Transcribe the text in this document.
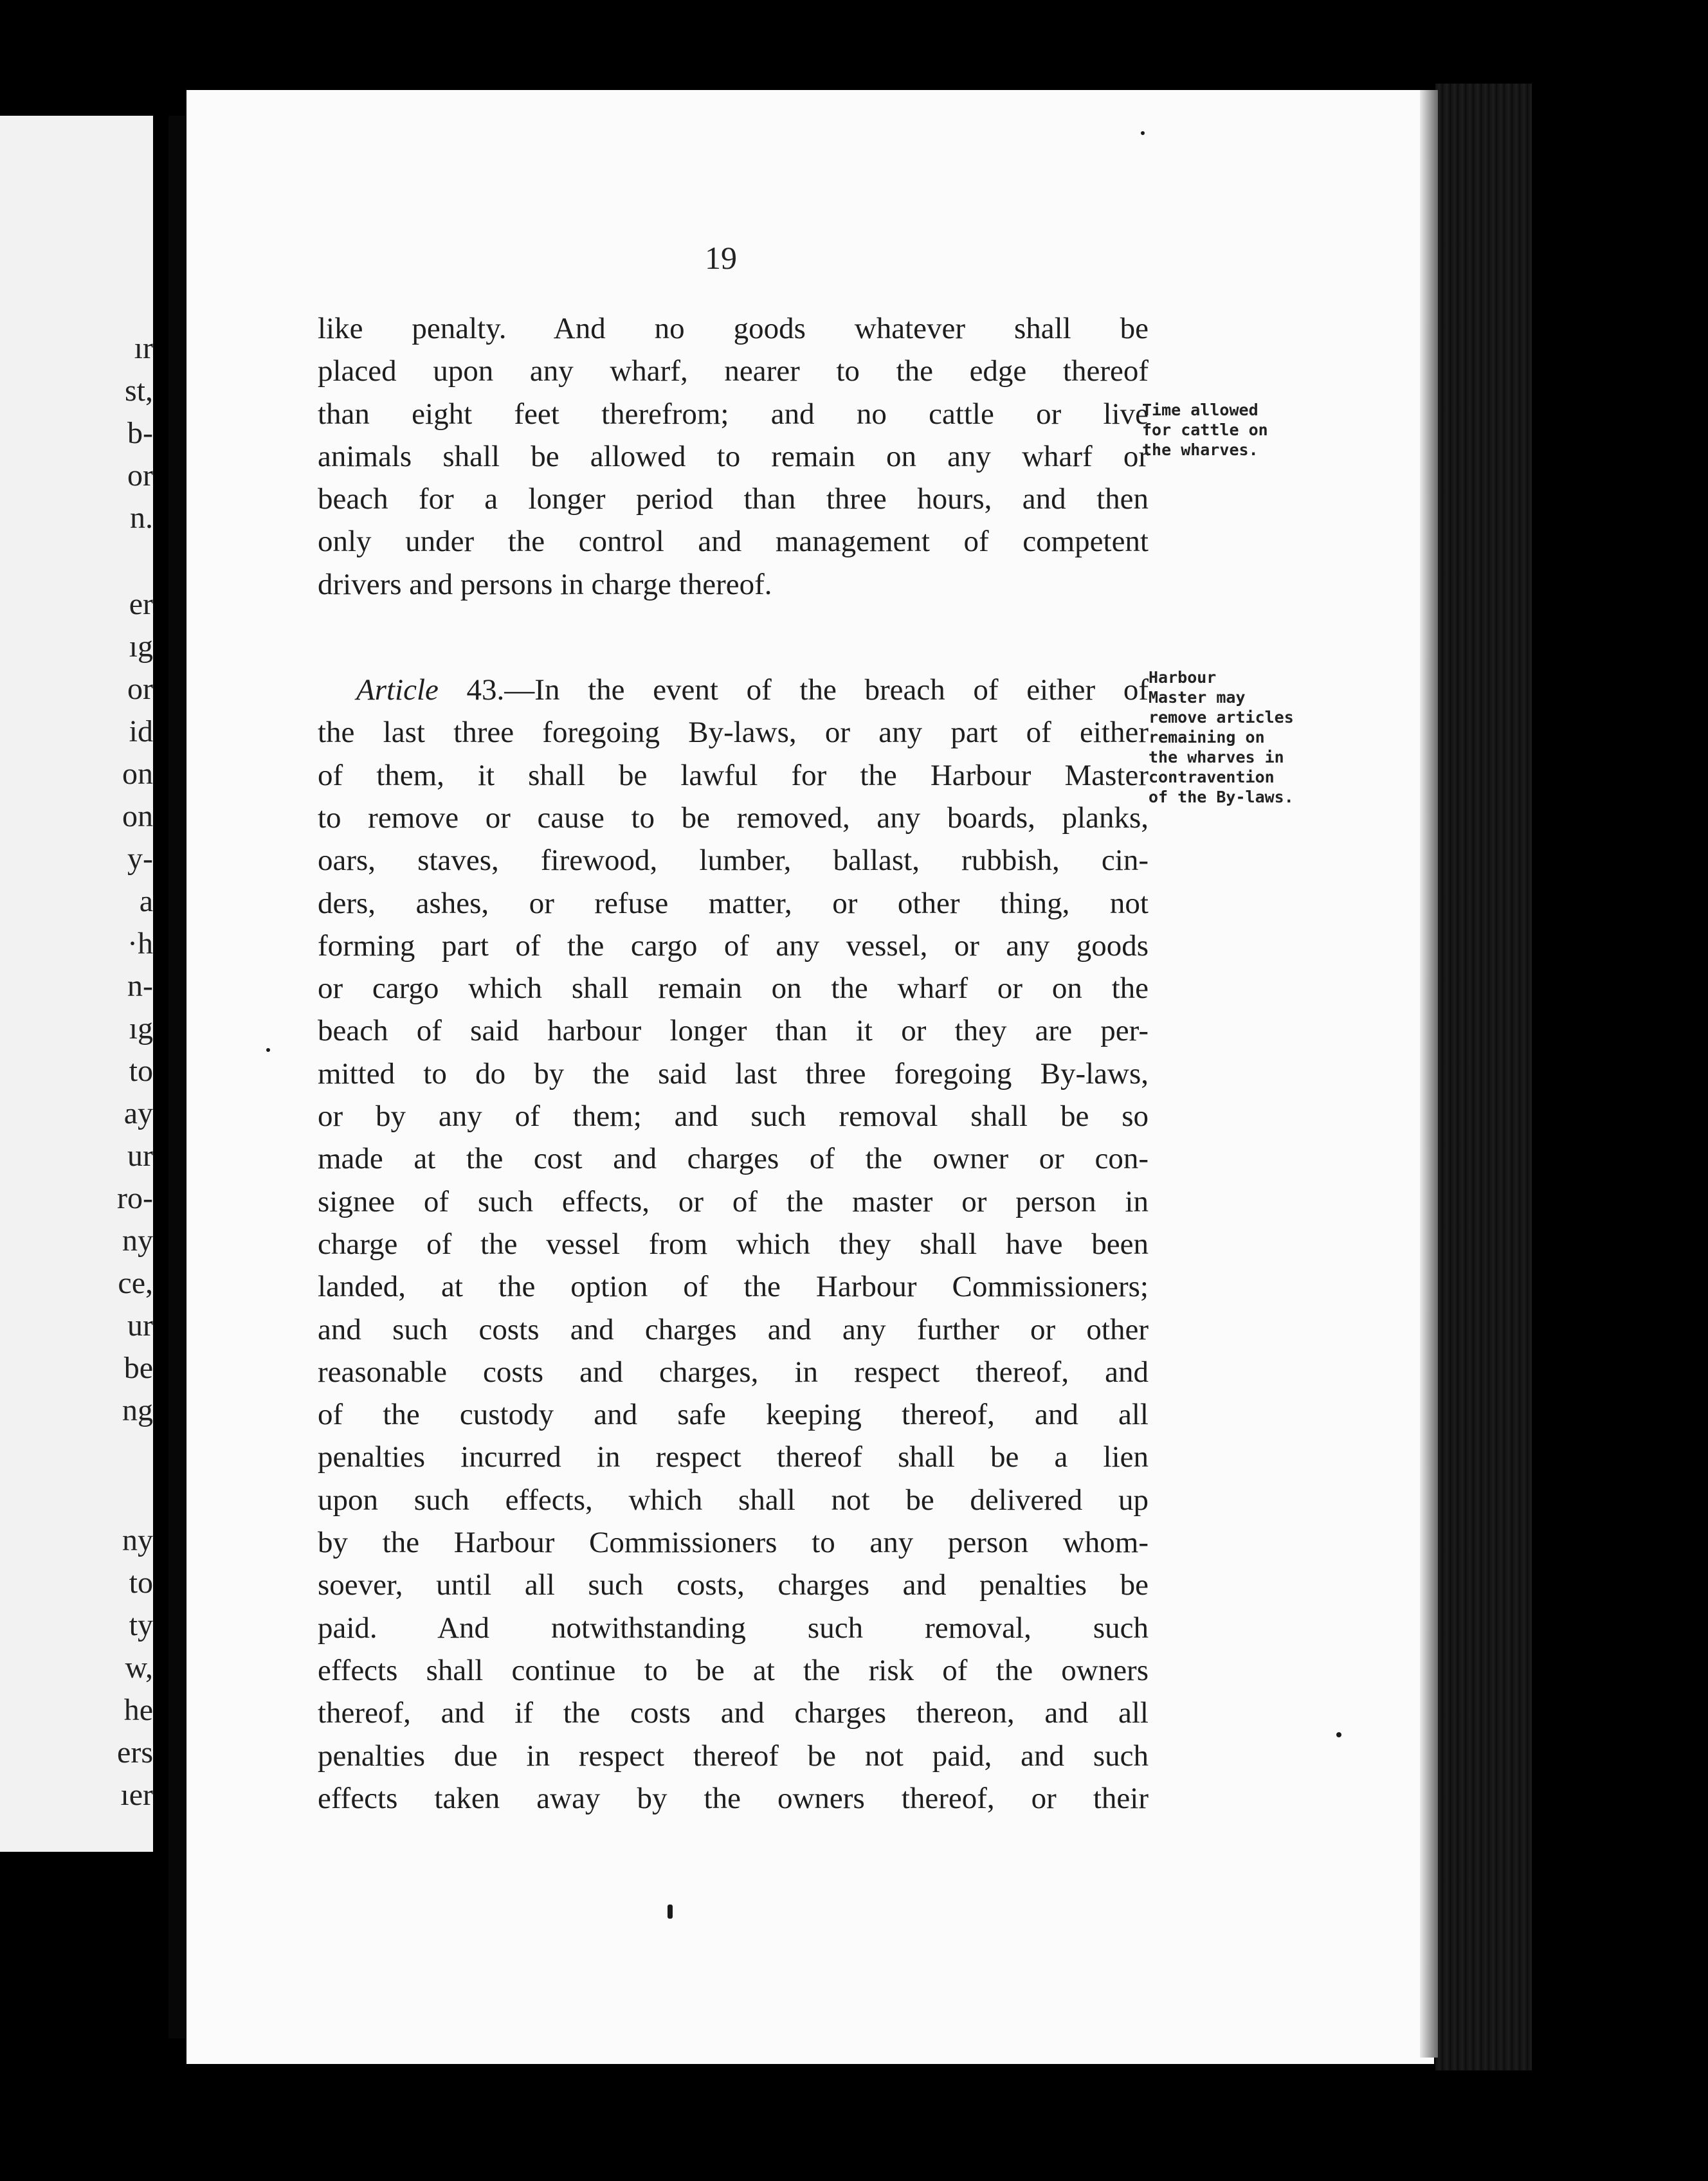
ır

st,

b-

or

n.

er

ıg

or

id

on

on

y-

a

·h

n-

ıg

to

ay

ur

ro-

ny

ce,

ur

be

ng

ny

to

ty

w,

he

ers

ıer

19
like penalty. And no goods whatever shall be
placed upon any wharf, nearer to the edge thereof
than eight feet therefrom; and no cattle or live
animals shall be allowed to remain on any wharf or
beach for a longer period than three hours, and then
only under the control and management of competent
drivers and persons in charge thereof.
Article 43.—In the event of the breach of either of
the last three foregoing By-laws, or any part of either
of them, it shall be lawful for the Harbour Master
to remove or cause to be removed, any boards, planks,
oars, staves, firewood, lumber, ballast, rubbish, cin-
ders, ashes, or refuse matter, or other thing, not
forming part of the cargo of any vessel, or any goods
or cargo which shall remain on the wharf or on the
beach of said harbour longer than it or they are per-
mitted to do by the said last three foregoing By-laws,
or by any of them; and such removal shall be so
made at the cost and charges of the owner or con-
signee of such effects, or of the master or person in
charge of the vessel from which they shall have been
landed, at the option of the Harbour Commissioners;
and such costs and charges and any further or other
reasonable costs and charges, in respect thereof, and
of the custody and safe keeping thereof, and all
penalties incurred in respect thereof shall be a lien
upon such effects, which shall not be delivered up
by the Harbour Commissioners to any person whom-
soever, until all such costs, charges and penalties be
paid. And notwithstanding such removal, such
effects shall continue to be at the risk of the owners
thereof, and if the costs and charges thereon, and all
penalties due in respect thereof be not paid, and such
effects taken away by the owners thereof, or their
Time allowed
for cattle on
the wharves.
Harbour
Master may
remove articles
remaining on
the wharves in
contravention
of the By-laws.
